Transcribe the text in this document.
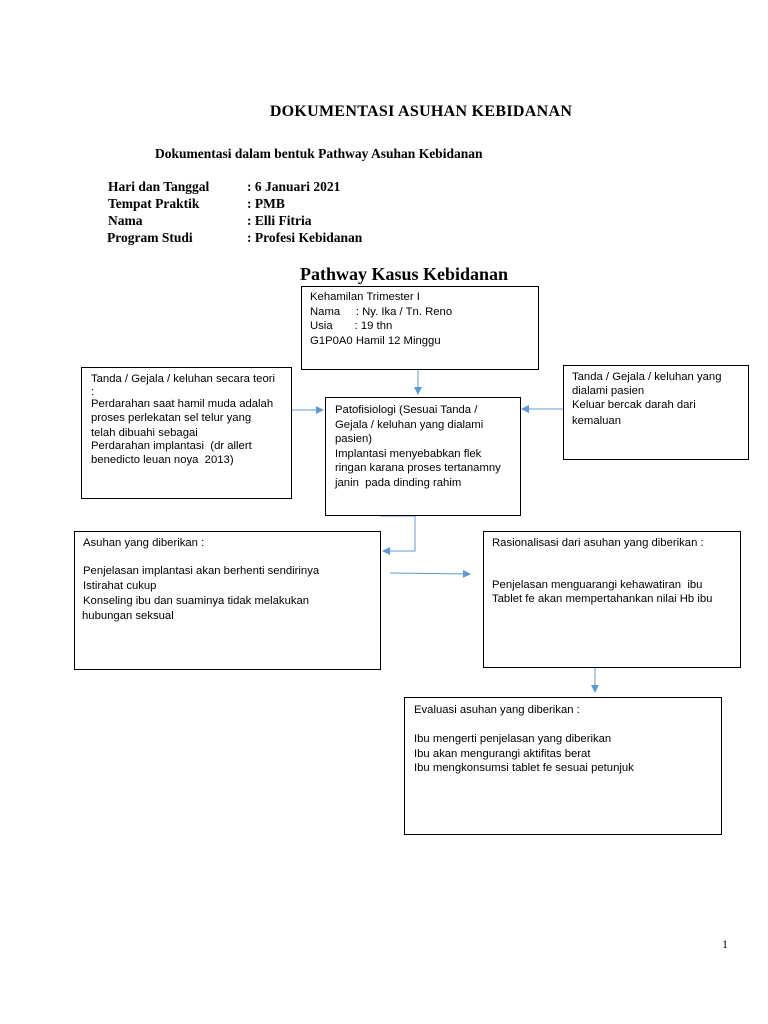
DOKUMENTASI ASUHAN KEBIDANAN
Dokumentasi dalam bentuk Pathway Asuhan Kebidanan
Hari dan Tanggal	: 6 Januari 2021
Tempat Praktik	: PMB
Nama	: Elli Fitria
Program Studi	: Profesi Kebidanan
Pathway Kasus Kebidanan
Kehamilan Trimester I
Nama     : Ny. Ika / Tn. Reno
Usia       : 19 thn
G1P0A0 Hamil 12 Minggu
Tanda / Gejala / keluhan secara teori
:
Perdarahan saat hamil muda adalah
proses perlekatan sel telur yang
telah dibuahi sebagai
Perdarahan implantasi  (dr allert
benedicto leuan noya  2013)
Patofisiologi (Sesuai Tanda /
Gejala / keluhan yang dialami
pasien)
Implantasi menyebabkan flek
ringan karana proses tertanamny
janin  pada dinding rahim
Tanda / Gejala / keluhan yang
dialami pasien
Keluar bercak darah dari
kemaluan
Asuhan yang diberikan :

Penjelasan implantasi akan berhenti sendirinya
Istirahat cukup
Konseling ibu dan suaminya tidak melakukan
hubungan seksual
Rasionalisasi dari asuhan yang diberikan :

Penjelasan menguarangi kehawatiran  ibu
Tablet fe akan mempertahankan nilai Hb ibu
Evaluasi asuhan yang diberikan :

Ibu mengerti penjelasan yang diberikan
Ibu akan mengurangi aktifitas berat
Ibu mengkonsumsi tablet fe sesuai petunjuk
1
